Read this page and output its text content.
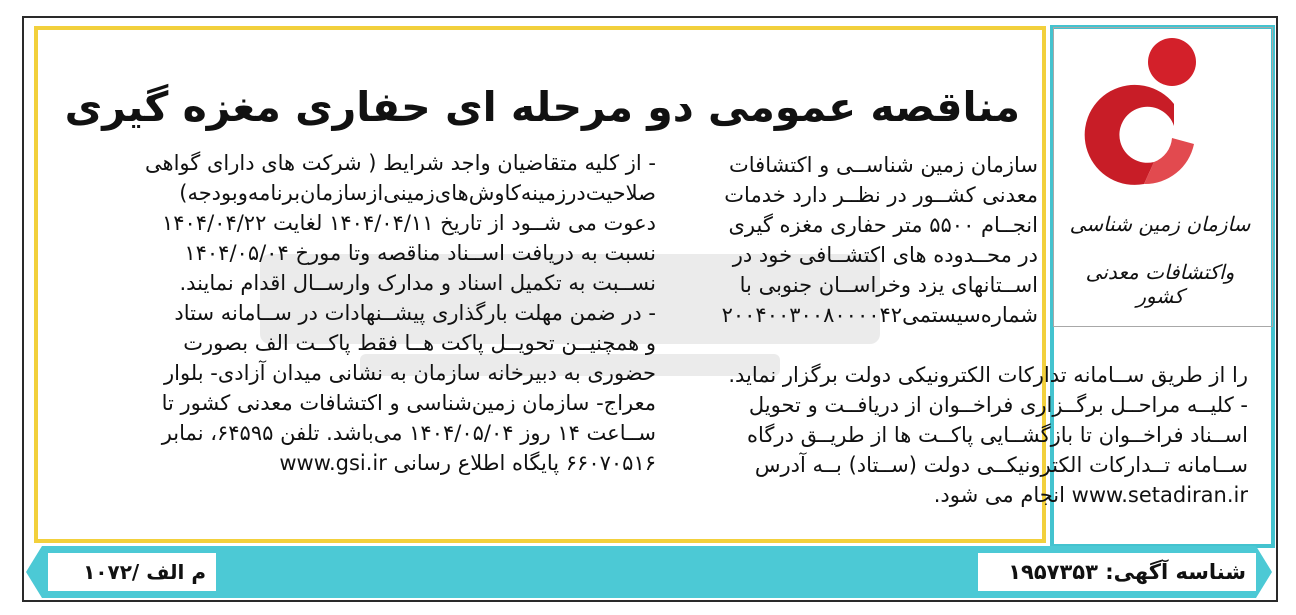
سازمان زمین شناسی
واکتشافات معدنی کشور
مناقصه عمومی دو مرحله ای حفاری مغزه گیری
سازمان زمین شناســی و اکتشافات
معدنی کشــور در نظــر دارد خدمات
انجــام ۵۵۰۰ متر حفاری مغزه گیری
در محــدوده های اکتشــافی خود در
اســتانهای یزد وخراســان جنوبی با
شماره‌سیستمی۲۰۰۴۰۰۳۰۰۸۰۰۰۰۴۲
را از طریق ســامانه تدارکات الکترونیکی دولت برگزار نماید.
- کلیــه مراحــل برگــزاری فراخــوان از دریافــت و تحویل
اســناد فراخــوان تا بازگشــایی پاکــت ها از طریــق درگاه
ســامانه تــدارکات الکترونیکــی دولت (ســتاد) بــه آدرس
www.setadiran.ir انجام می شود.
- از کلیه متقاضیان واجد شرایط ( شرکت های دارای گواهی
صلاحیت‌درزمینه‌کاوش‌های‌زمینی‌ازسازمان‌برنامه‌وبودجه)
دعوت می شــود از تاریخ ۱۴۰۴/۰۴/۱۱ لغایت ۱۴۰۴/۰۴/۲۲
نسبت به دریافت اســناد مناقصه وتا مورخ ۱۴۰۴/۰۵/۰۴
نســبت به تکمیل اسناد و مدارک وارســال اقدام نمایند.
- در ضمن مهلت بارگذاری پیشــنهادات در ســامانه ستاد
و همچنیــن تحویــل پاکت هــا فقط پاکــت الف بصورت
حضوری به دبیرخانه سازمان به نشانی میدان آزادی- بلوار
معراج- سازمان زمین‌شناسی و اکتشافات معدنی کشور تا
ســاعت ۱۴ روز ۱۴۰۴/۰۵/۰۴ می‌باشد. تلفن ۶۴۵۹۵، نمابر
۶۶۰۷۰۵۱۶ پایگاه اطلاع رسانی www.gsi.ir
شناسه آگهی: ۱۹۵۷۳۵۳
م الف /۱۰۷۲
